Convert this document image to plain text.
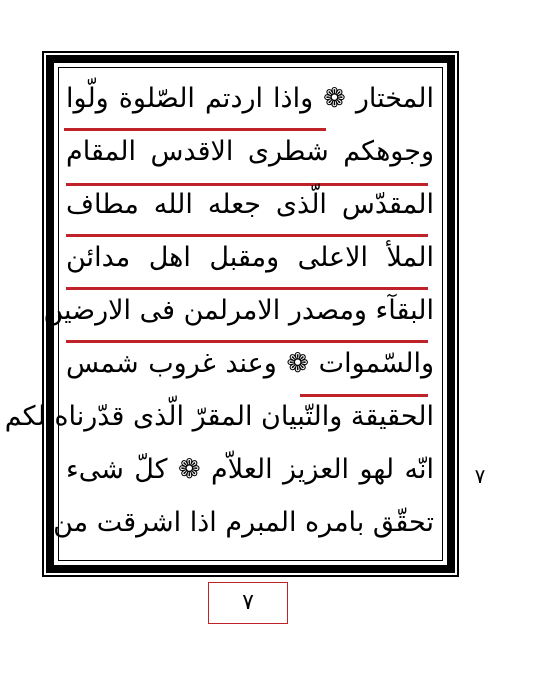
المختار ❁ واذا اردتم الصّلوة ولّوا
وجوهكم شطرى الاقدس المقام
المقدّس الّذى جعله الله مطاف
الملأ الاعلى ومقبل اهل مدائن
البقآء ومصدر الامرلمن فى الارضين
والسّموات ❁ وعند غروب شمس
الحقيقة والتّبيان المقرّ الّذى قدّرناه لكم
انّه لهو العزيز العلاّم ❁ كلّ شىء
تحقّق بامره المبرم اذا اشرقت من
٧
٧
